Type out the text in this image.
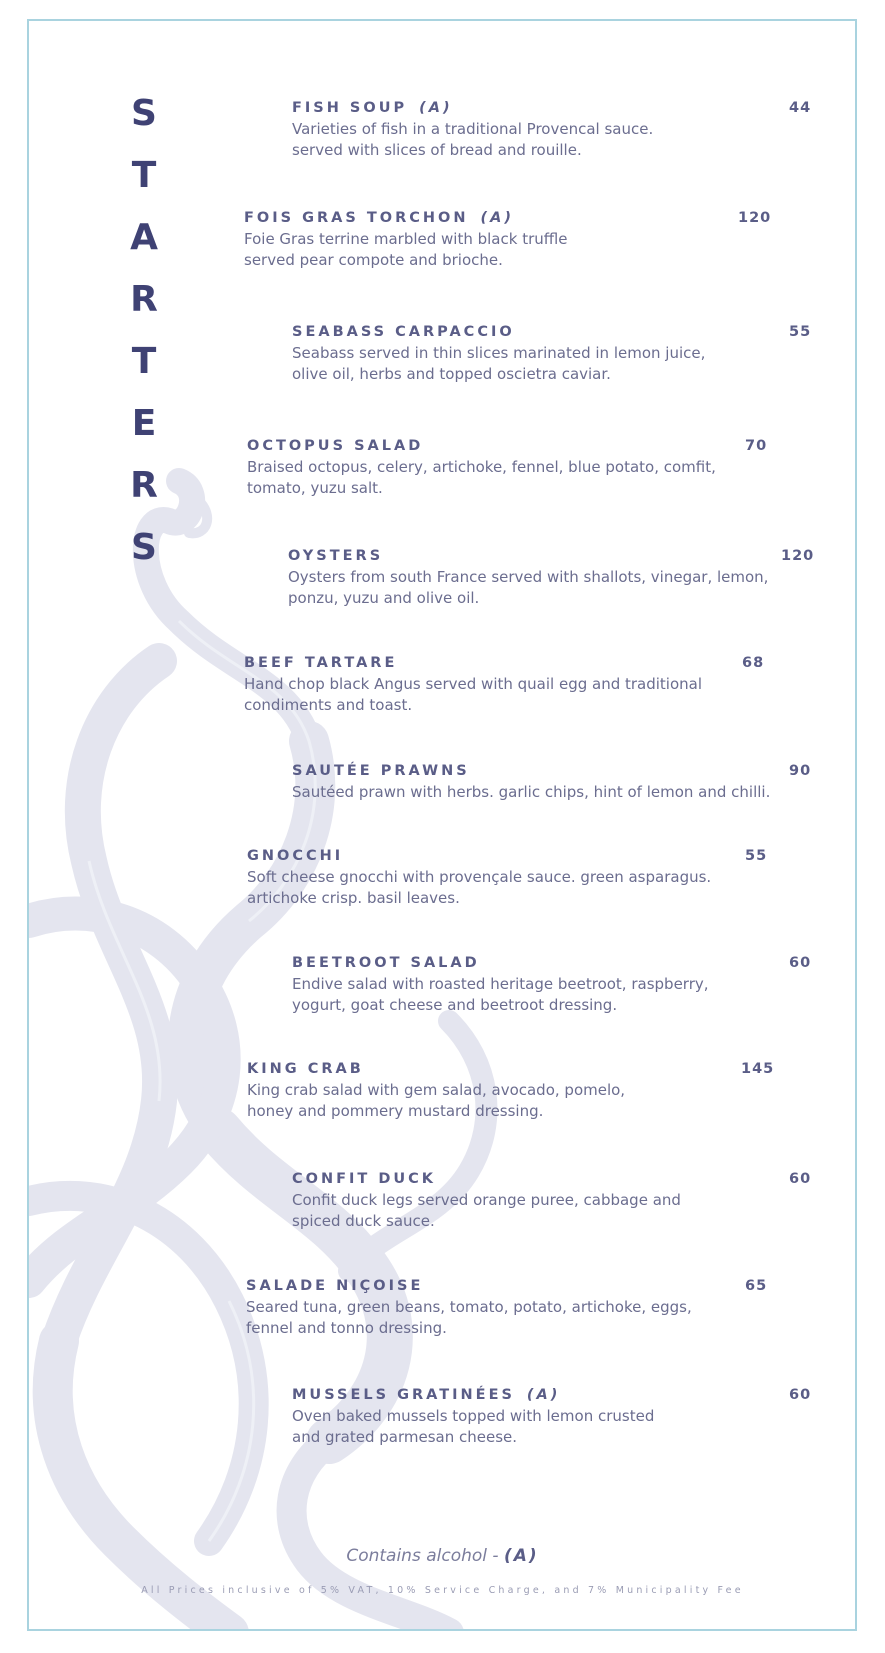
S
T
A
R
T
E
R
S
FISH SOUP (A)
Varieties of fish in a traditional Provencal sauce.
served with slices of bread and rouille.
44
FOIS GRAS TORCHON (A)
Foie Gras terrine marbled with black truffle
served pear compote and brioche.
120
SEABASS CARPACCIO
Seabass served in thin slices marinated in lemon juice,
olive oil, herbs and topped oscietra caviar.
55
OCTOPUS SALAD
Braised octopus, celery, artichoke, fennel, blue potato, comfit,
tomato, yuzu salt.
70
OYSTERS
Oysters from south France served with shallots, vinegar, lemon,
ponzu, yuzu and olive oil.
120
BEEF TARTARE
Hand chop black Angus served with quail egg and traditional
condiments and toast.
68
SAUTÉE PRAWNS
Sautéed prawn with herbs. garlic chips, hint of lemon and chilli.
90
GNOCCHI
Soft cheese gnocchi with provençale sauce. green asparagus.
artichoke crisp. basil leaves.
55
BEETROOT SALAD
Endive salad with roasted heritage beetroot, raspberry,
yogurt, goat cheese and beetroot dressing.
60
KING CRAB
King crab salad with gem salad, avocado, pomelo,
honey and pommery mustard dressing.
145
CONFIT DUCK
Confit duck legs served orange puree, cabbage and
spiced duck sauce.
60
SALADE NIÇOISE
Seared tuna, green beans, tomato, potato, artichoke, eggs,
fennel and tonno dressing.
65
MUSSELS GRATINÉES (A)
Oven baked mussels topped with lemon crusted
and grated parmesan cheese.
60
Contains alcohol - (A)
All Prices inclusive of 5% VAT, 10% Service Charge, and 7% Municipality Fee
